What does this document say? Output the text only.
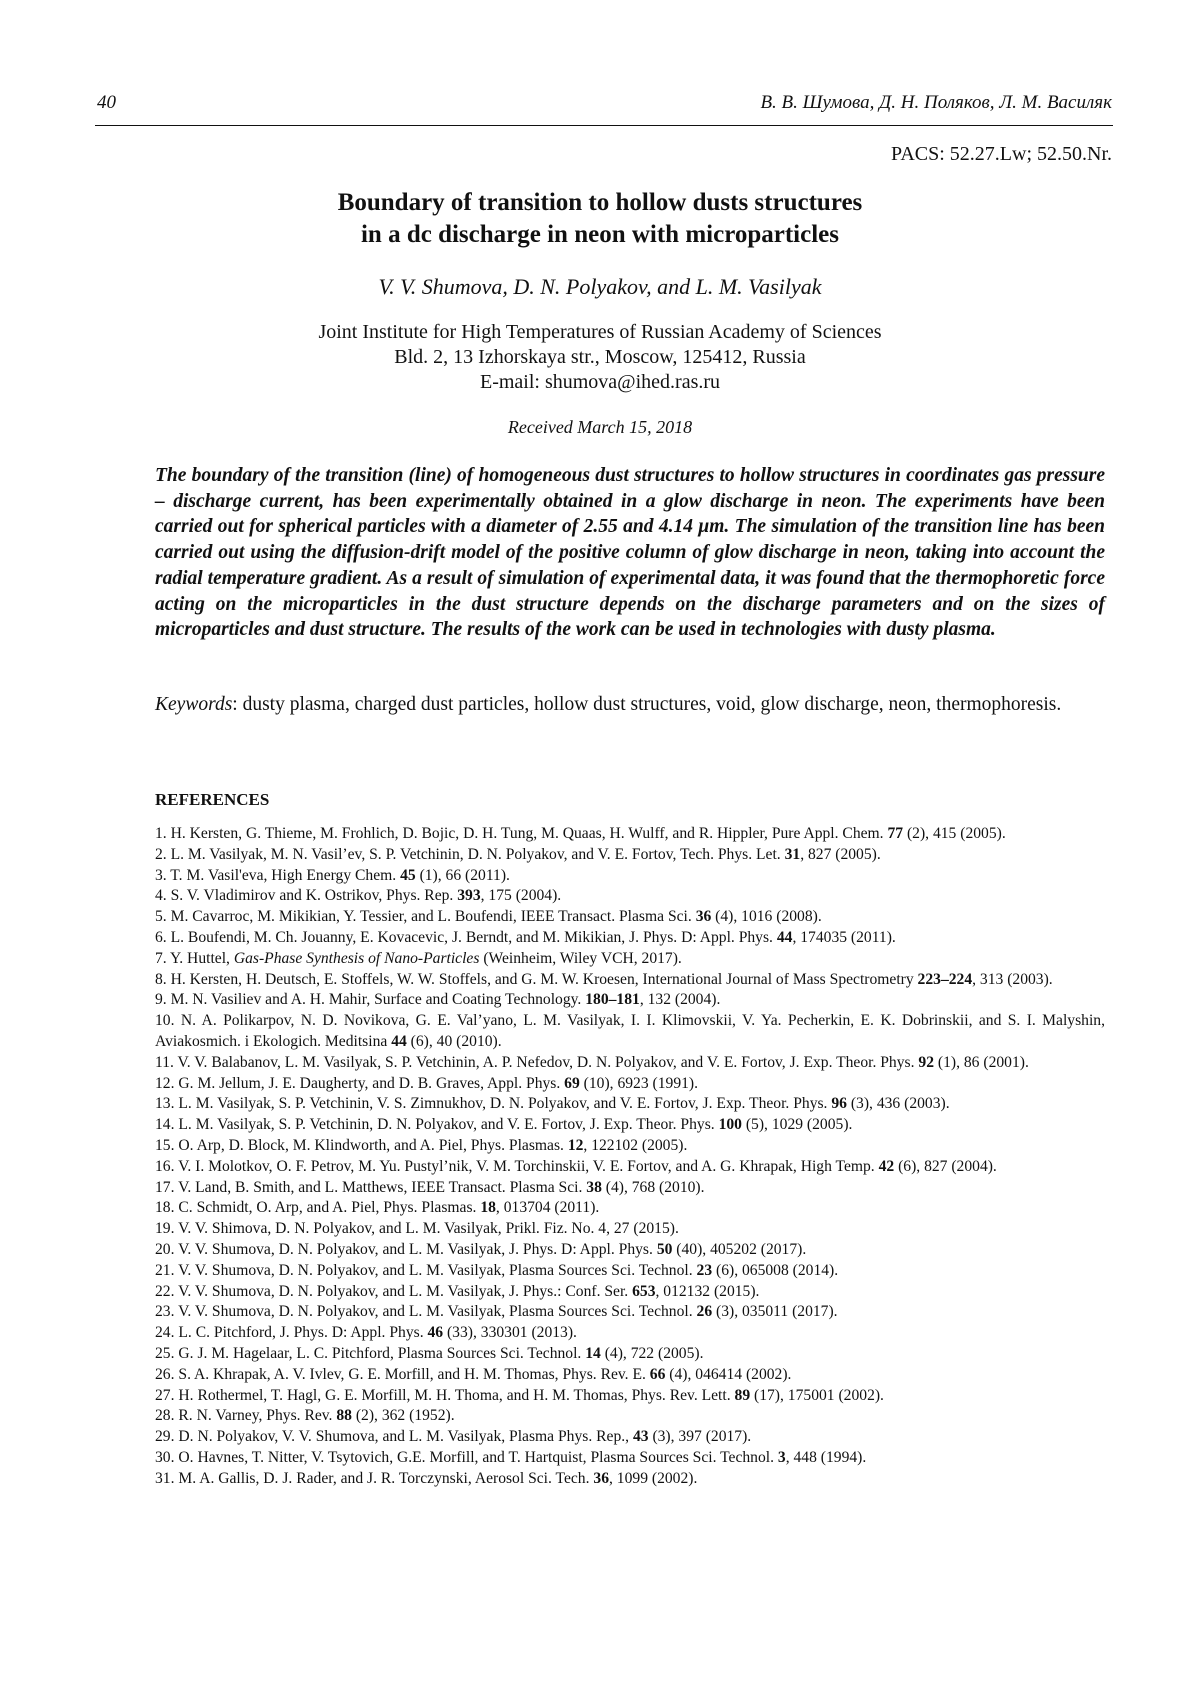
40	В. В. Шумова, Д. Н. Поляков, Л. М. Василяк
PACS: 52.27.Lw; 52.50.Nr.
Boundary of transition to hollow dusts structures
in a dc discharge in neon with microparticles
V. V. Shumova, D. N. Polyakov, and L. M. Vasilyak
Joint Institute for High Temperatures of Russian Academy of Sciences
Bld. 2, 13 Izhorskaya str., Moscow, 125412, Russia
E-mail: shumova@ihed.ras.ru
Received March 15, 2018
The boundary of the transition (line) of homogeneous dust structures to hollow structures in coordinates gas pressure – discharge current, has been experimentally obtained in a glow discharge in neon. The experiments have been carried out for spherical particles with a diameter of 2.55 and 4.14 μm. The simulation of the transition line has been carried out using the diffusion-drift model of the positive column of glow discharge in neon, taking into account the radial temperature gradient. As a result of simulation of experimental data, it was found that the thermophoretic force acting on the microparticles in the dust structure depends on the discharge parameters and on the sizes of microparticles and dust structure. The results of the work can be used in technologies with dusty plasma.
Keywords: dusty plasma, charged dust particles, hollow dust structures, void, glow discharge, neon, thermophoresis.
REFERENCES
1. H. Kersten, G. Thieme, M. Frohlich, D. Bojic, D. H. Tung, M. Quaas, H. Wulff, and R. Hippler, Pure Appl. Chem. 77 (2), 415 (2005).
2. L. M. Vasilyak, M. N. Vasil’ev, S. P. Vetchinin, D. N. Polyakov, and V. E. Fortov, Tech. Phys. Let. 31, 827 (2005).
3. T. M. Vasil'eva, High Energy Chem. 45 (1), 66 (2011).
4. S. V. Vladimirov and K. Ostrikov, Phys. Rep. 393, 175 (2004).
5. M. Cavarroc, M. Mikikian, Y. Tessier, and L. Boufendi, IEEE Transact. Plasma Sci. 36 (4), 1016 (2008).
6. L. Boufendi, M. Ch. Jouanny, E. Kovacevic, J. Berndt, and M. Mikikian, J. Phys. D: Appl. Phys. 44, 174035 (2011).
7. Y. Huttel, Gas-Phase Synthesis of Nano-Particles (Weinheim, Wiley VCH, 2017).
8. H. Kersten, H. Deutsch, E. Stoffels, W. W. Stoffels, and G. M. W. Kroesen, International Journal of Mass Spectrometry 223–224, 313 (2003).
9. M. N. Vasiliev and A. H. Mahir, Surface and Coating Technology. 180–181, 132 (2004).
10. N. A. Polikarpov, N. D. Novikova, G. E. Val’yano, L. M. Vasilyak, I. I. Klimovskii, V. Ya. Pecherkin, E. K. Dobrinskii, and S. I. Malyshin, Aviakosmich. i Ekologich. Meditsina 44 (6), 40 (2010).
11. V. V. Balabanov, L. M. Vasilyak, S. P. Vetchinin, A. P. Nefedov, D. N. Polyakov, and V. E. Fortov, J. Exp. Theor. Phys. 92 (1), 86 (2001).
12. G. M. Jellum, J. E. Daugherty, and D. B. Graves, Appl. Phys. 69 (10), 6923 (1991).
13. L. M. Vasilyak, S. P. Vetchinin, V. S. Zimnukhov, D. N. Polyakov, and V. E. Fortov, J. Exp. Theor. Phys. 96 (3), 436 (2003).
14. L. M. Vasilyak, S. P. Vetchinin, D. N. Polyakov, and V. E. Fortov, J. Exp. Theor. Phys. 100 (5), 1029 (2005).
15. O. Arp, D. Block, M. Klindworth, and A. Piel, Phys. Plasmas. 12, 122102 (2005).
16. V. I. Molotkov, O. F. Petrov, M. Yu. Pustyl’nik, V. M. Torchinskii, V. E. Fortov, and A. G. Khrapak, High Temp. 42 (6), 827 (2004).
17. V. Land, B. Smith, and L. Matthews, IEEE Transact. Plasma Sci. 38 (4), 768 (2010).
18. C. Schmidt, O. Arp, and A. Piel, Phys. Plasmas. 18, 013704 (2011).
19. V. V. Shimova, D. N. Polyakov, and L. M. Vasilyak, Prikl. Fiz. No. 4, 27 (2015).
20. V. V. Shumova, D. N. Polyakov, and L. M. Vasilyak, J. Phys. D: Appl. Phys. 50 (40), 405202 (2017).
21. V. V. Shumova, D. N. Polyakov, and L. M. Vasilyak, Plasma Sources Sci. Technol. 23 (6), 065008 (2014).
22. V. V. Shumova, D. N. Polyakov, and L. M. Vasilyak, J. Phys.: Conf. Ser. 653, 012132 (2015).
23. V. V. Shumova, D. N. Polyakov, and L. M. Vasilyak, Plasma Sources Sci. Technol. 26 (3), 035011 (2017).
24. L. C. Pitchford, J. Phys. D: Appl. Phys. 46 (33), 330301 (2013).
25. G. J. M. Hagelaar, L. C. Pitchford, Plasma Sources Sci. Technol. 14 (4), 722 (2005).
26. S. A. Khrapak, A. V. Ivlev, G. E. Morfill, and H. M. Thomas, Phys. Rev. E. 66 (4), 046414 (2002).
27. H. Rothermel, T. Hagl, G. E. Morfill, M. H. Thoma, and H. M. Thomas, Phys. Rev. Lett. 89 (17), 175001 (2002).
28. R. N. Varney, Phys. Rev. 88 (2), 362 (1952).
29. D. N. Polyakov, V. V. Shumova, and L. M. Vasilyak, Plasma Phys. Rep., 43 (3), 397 (2017).
30. O. Havnes, T. Nitter, V. Tsytovich, G.E. Morfill, and T. Hartquist, Plasma Sources Sci. Technol. 3, 448 (1994).
31. M. A. Gallis, D. J. Rader, and J. R. Torczynski, Aerosol Sci. Tech. 36, 1099 (2002).
